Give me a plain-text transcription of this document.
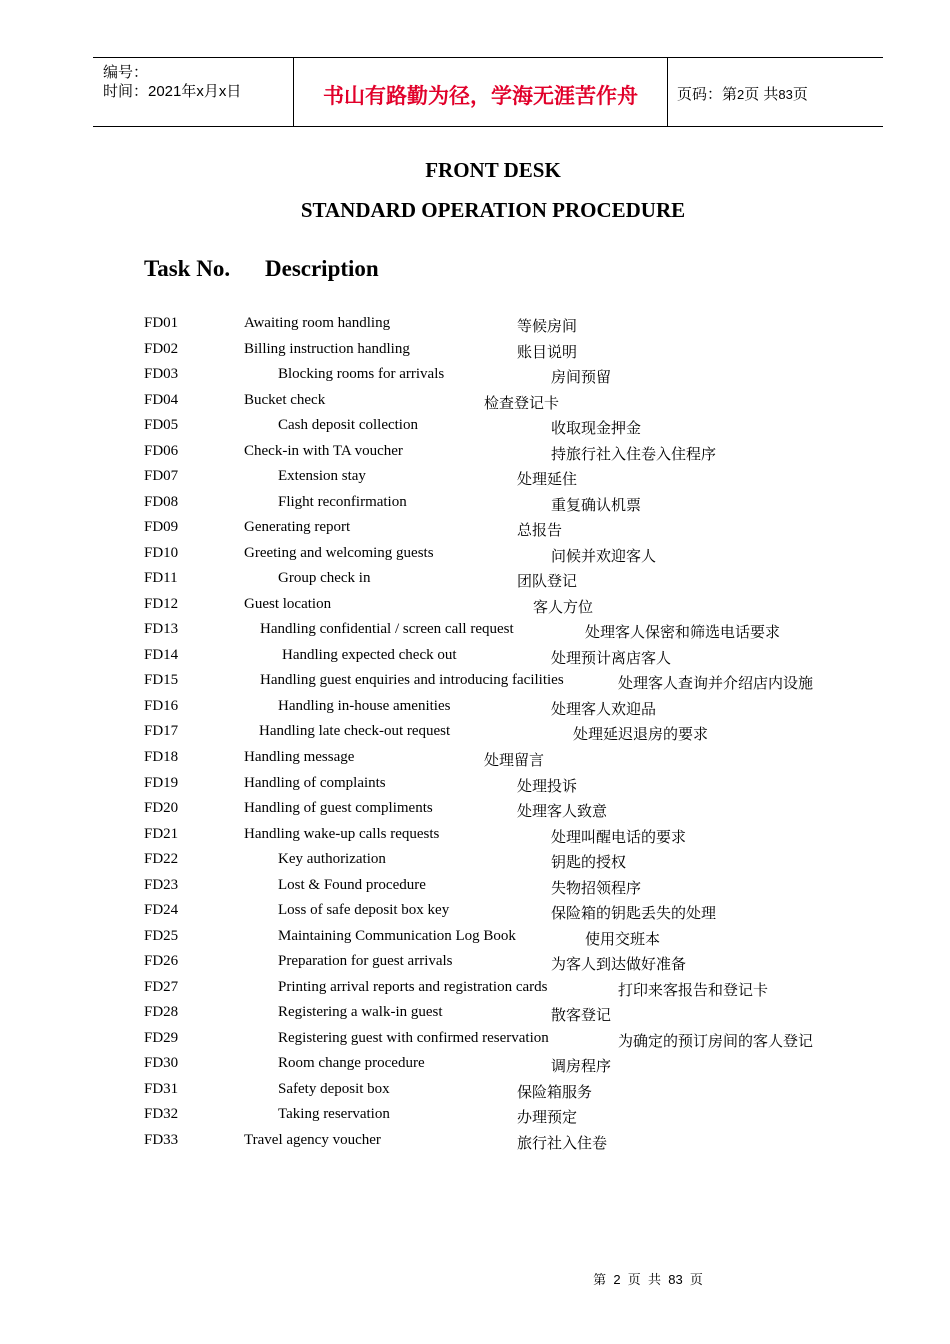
编号：
时间：2021年x月x日	书山有路勤为径，学海无涯苦作舟	页码：第2页 共83页
FRONT DESK
STANDARD OPERATION PROCEDURE
Task No. Description
FD01	Awaiting room handling	等候房间
FD02	Billing instruction handling	账目说明
FD03	Blocking rooms for arrivals	房间预留
FD04	Bucket check	检查登记卡
FD05	Cash deposit collection	收取现金押金
FD06	Check-in with TA voucher	持旅行社入住卷入住程序
FD07	Extension stay	处理延住
FD08	Flight reconfirmation	重复确认机票
FD09	Generating report	总报告
FD10	Greeting and welcoming guests	问候并欢迎客人
FD11	Group check in	团队登记
FD12	Guest location	客人方位
FD13	Handling confidential / screen call request	处理客人保密和筛选电话要求
FD14	Handling expected check out	处理预计离店客人
FD15	Handling guest enquiries and introducing facilities	处理客人查询并介绍店内设施
FD16	Handling in-house amenities	处理客人欢迎品
FD17	Handling late check-out request	处理延迟退房的要求
FD18	Handling message	处理留言
FD19	Handling of complaints	处理投诉
FD20	Handling of guest compliments	处理客人致意
FD21	Handling wake-up calls requests	处理叫醒电话的要求
FD22	Key authorization	钥匙的授权
FD23	Lost & Found procedure	失物招领程序
FD24	Loss of safe deposit box key	保险箱的钥匙丢失的处理
FD25	Maintaining Communication Log Book	使用交班本
FD26	Preparation for guest arrivals	为客人到达做好准备
FD27	Printing arrival reports and registration cards	打印来客报告和登记卡
FD28	Registering a walk-in guest	散客登记
FD29	Registering guest with confirmed reservation	为确定的预订房间的客人登记
FD30	Room change procedure	调房程序
FD31	Safety deposit box	保险箱服务
FD32	Taking reservation	办理预定
FD33	Travel agency voucher	旅行社入住卷
第  2  页  共  83  页
